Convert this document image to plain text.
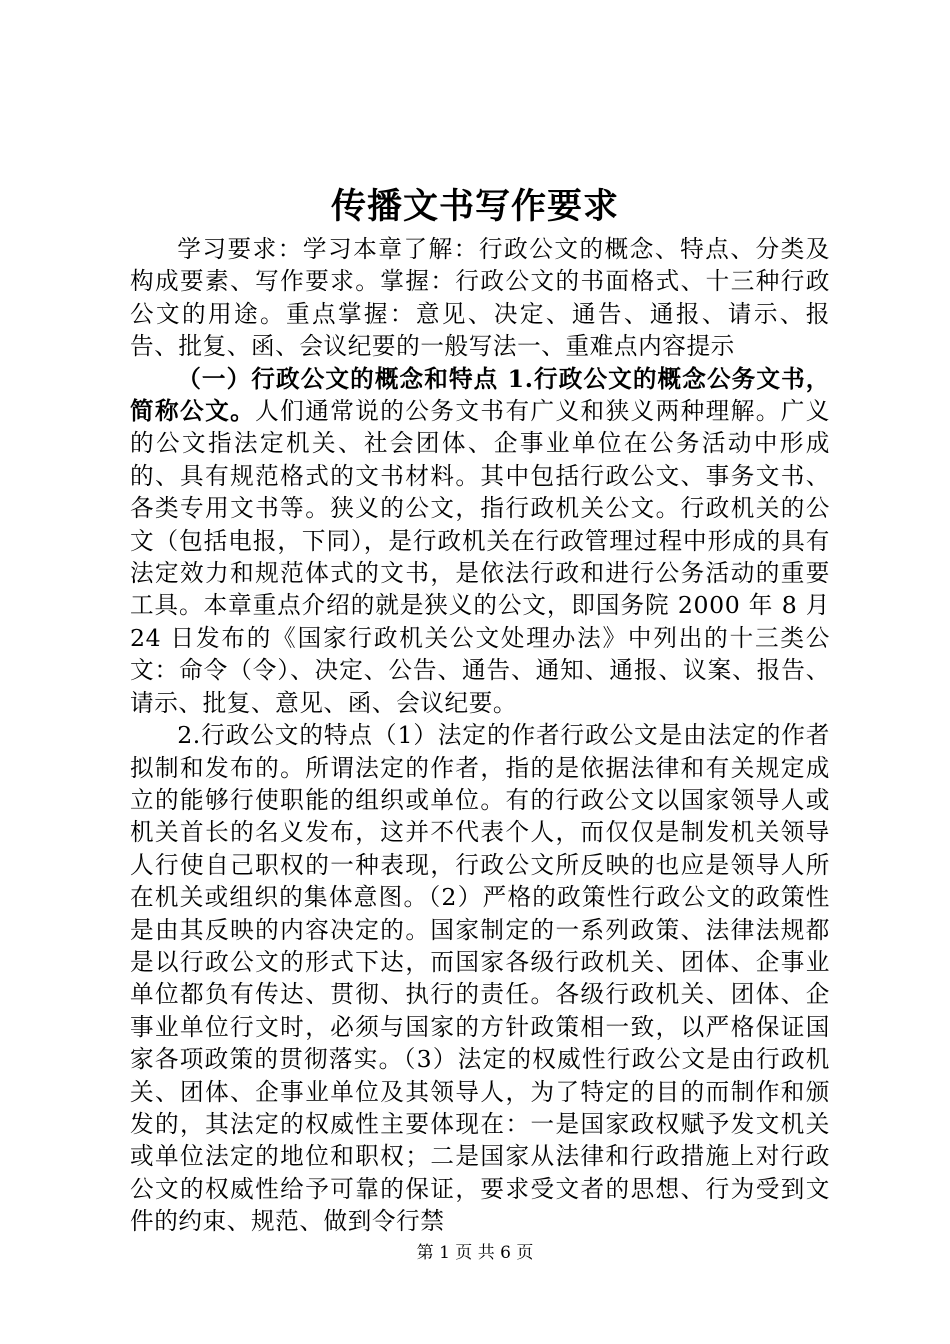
传播文书写作要求

学习要求：学习本章了解：行政公文的概念、特点、分类及构成要素、写作要求。掌握：行政公文的书面格式、十三种行政公文的用途。重点掌握：意见、决定、通告、通报、请示、报告、批复、函、会议纪要的一般写法一、重难点内容提示

（一）行政公文的概念和特点 1.行政公文的概念公务文书，简称公文。人们通常说的公务文书有广义和狭义两种理解。广义的公文指法定机关、社会团体、企事业单位在公务活动中形成的、具有规范格式的文书材料。其中包括行政公文、事务文书、各类专用文书等。狭义的公文，指行政机关公文。行政机关的公文（包括电报，下同），是行政机关在行政管理过程中形成的具有法定效力和规范体式的文书，是依法行政和进行公务活动的重要工具。本章重点介绍的就是狭义的公文，即国务院 2000 年 8 月 24 日发布的《国家行政机关公文处理办法》中列出的十三类公文：命令（令）、决定、公告、通告、通知、通报、议案、报告、请示、批复、意见、函、会议纪要。

2.行政公文的特点（1）法定的作者行政公文是由法定的作者拟制和发布的。所谓法定的作者，指的是依据法律和有关规定成立的能够行使职能的组织或单位。有的行政公文以国家领导人或机关首长的名义发布，这并不代表个人，而仅仅是制发机关领导人行使自己职权的一种表现，行政公文所反映的也应是领导人所在机关或组织的集体意图。（2）严格的政策性行政公文的政策性是由其反映的内容决定的。国家制定的一系列政策、法律法规都是以行政公文的形式下达，而国家各级行政机关、团体、企事业单位都负有传达、贯彻、执行的责任。各级行政机关、团体、企事业单位行文时，必须与国家的方针政策相一致，以严格保证国家各项政策的贯彻落实。（3）法定的权威性行政公文是由行政机关、团体、企事业单位及其领导人，为了特定的目的而制作和颁发的，其法定的权威性主要体现在：一是国家政权赋予发文机关或单位法定的地位和职权；二是国家从法律和行政措施上对行政公文的权威性给予可靠的保证，要求受文者的思想、行为受到文件的约束、规范、做到令行禁

第 1 页 共 6 页
